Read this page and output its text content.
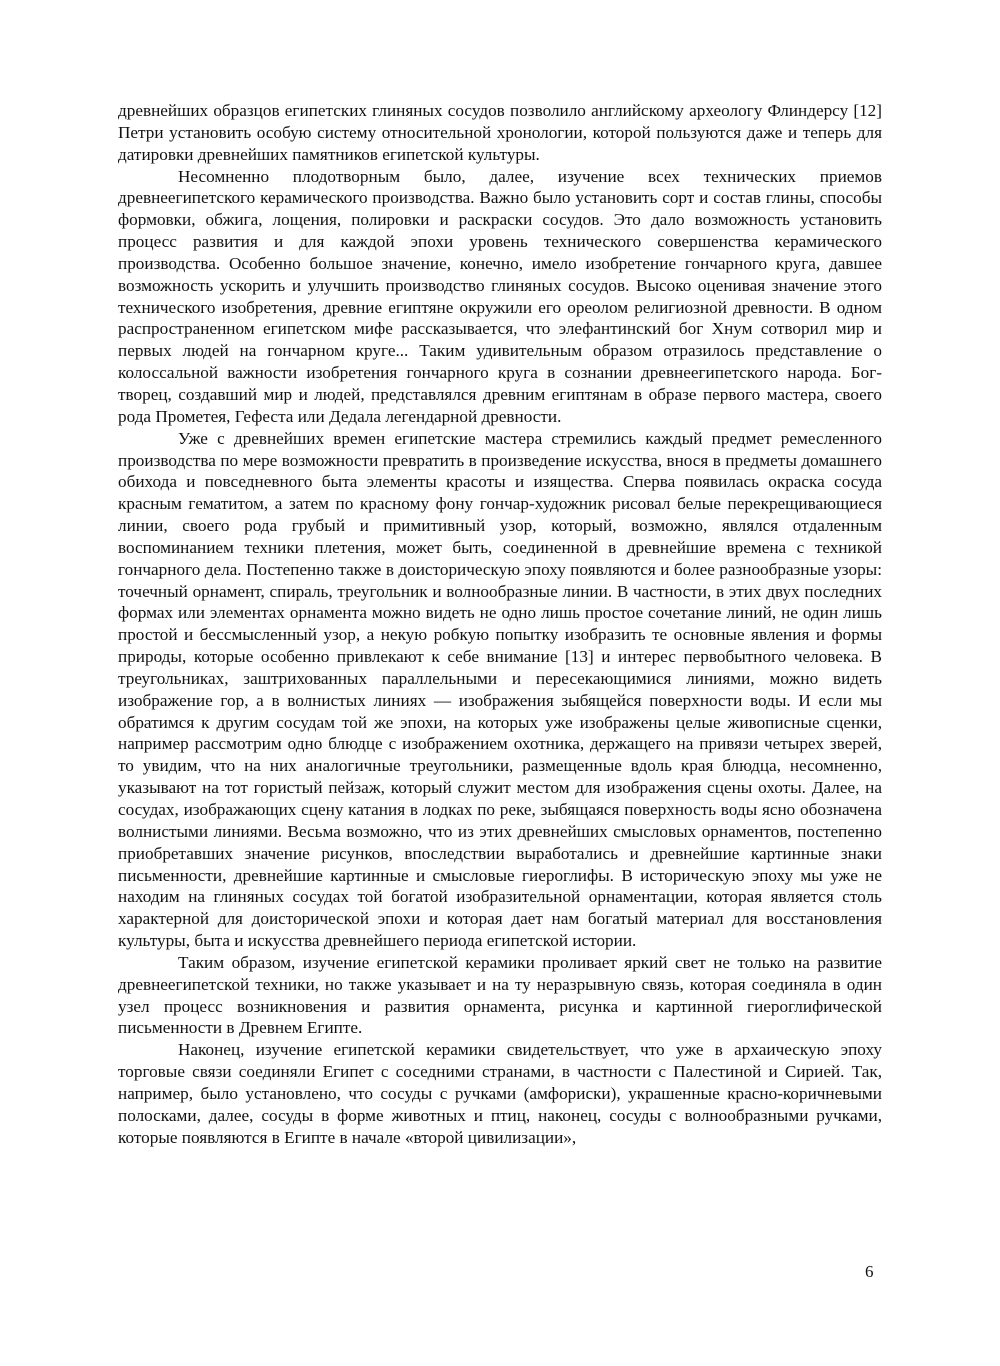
древнейших образцов египетских глиняных сосудов позволило английскому археологу Флиндерсу [12] Петри установить особую систему относительной хронологии, которой пользуются даже и теперь для датировки древнейших памятников египетской культуры.

Несомненно плодотворным было, далее, изучение всех технических приемов древнеегипетского керамического производства. Важно было установить сорт и состав глины, способы формовки, обжига, лощения, полировки и раскраски сосудов. Это дало возможность установить процесс развития и для каждой эпохи уровень технического совершенства керамического производства. Особенно большое значение, конечно, имело изобретение гончарного круга, давшее возможность ускорить и улучшить производство глиняных сосудов. Высоко оценивая значение этого технического изобретения, древние египтяне окружили его ореолом религиозной древности. В одном распространенном египетском мифе рассказывается, что элефантинский бог Хнум сотворил мир и первых людей на гончарном круге... Таким удивительным образом отразилось представление о колоссальной важности изобретения гончарного круга в сознании древнеегипетского народа. Бог-творец, создавший мир и людей, представлялся древним египтянам в образе первого мастера, своего рода Прометея, Гефеста или Дедала легендарной древности.

Уже с древнейших времен египетские мастера стремились каждый предмет ремесленного производства по мере возможности превратить в произведение искусства, внося в предметы домашнего обихода и повседневного быта элементы красоты и изящества. Сперва появилась окраска сосуда красным гематитом, а затем по красному фону гончар-художник рисовал белые перекрещивающиеся линии, своего рода грубый и примитивный узор, который, возможно, являлся отдаленным воспоминанием техники плетения, может быть, соединенной в древнейшие времена с техникой гончарного дела. Постепенно также в доисторическую эпоху появляются и более разнообразные узоры: точечный орнамент, спираль, треугольник и волнообразные линии. В частности, в этих двух последних формах или элементах орнамента можно видеть не одно лишь простое сочетание линий, не один лишь простой и бессмысленный узор, а некую робкую попытку изобразить те основные явления и формы природы, которые особенно привлекают к себе внимание [13] и интерес первобытного человека. В треугольниках, заштрихованных параллельными и пересекающимися линиями, можно видеть изображение гор, а в волнистых линиях — изображения зыбящейся поверхности воды. И если мы обратимся к другим сосудам той же эпохи, на которых уже изображены целые живописные сценки, например рассмотрим одно блюдце с изображением охотника, держащего на привязи четырех зверей, то увидим, что на них аналогичные треугольники, размещенные вдоль края блюдца, несомненно, указывают на тот гористый пейзаж, который служит местом для изображения сцены охоты. Далее, на сосудах, изображающих сцену катания в лодках по реке, зыбящаяся поверхность воды ясно обозначена волнистыми линиями. Весьма возможно, что из этих древнейших смысловых орнаментов, постепенно приобретавших значение рисунков, впоследствии выработались и древнейшие картинные знаки письменности, древнейшие картинные и смысловые гиероглифы. В историческую эпоху мы уже не находим на глиняных сосудах той богатой изобразительной орнаментации, которая является столь характерной для доисторической эпохи и которая дает нам богатый материал для восстановления культуры, быта и искусства древнейшего периода египетской истории.

Таким образом, изучение египетской керамики проливает яркий свет не только на развитие древнеегипетской техники, но также указывает и на ту неразрывную связь, которая соединяла в один узел процесс возникновения и развития орнамента, рисунка и картинной гиероглифической письменности в Древнем Египте.

Наконец, изучение египетской керамики свидетельствует, что уже в архаическую эпоху торговые связи соединяли Египет с соседними странами, в частности с Палестиной и Сирией. Так, например, было установлено, что сосуды с ручками (амфориски), украшенные красно-коричневыми полосками, далее, сосуды в форме животных и птиц, наконец, сосуды с волнообразными ручками, которые появляются в Египте в начале «второй цивилизации»,

6
